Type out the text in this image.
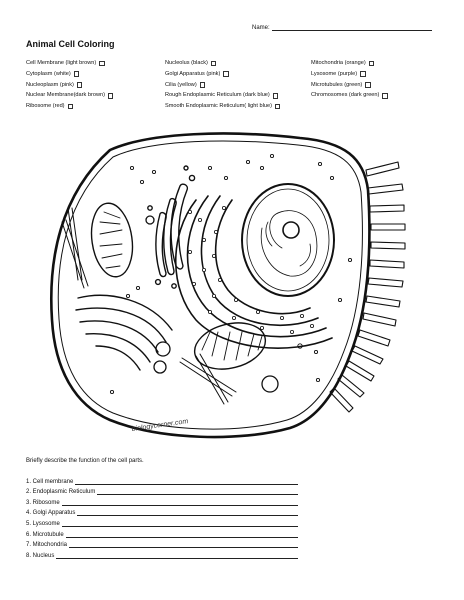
Name:
Animal Cell Coloring
Cell Membrane (light brown)
Cytoplasm (white)
Nucleoplasm (pink)
Nuclear Membrane(dark brown)
Ribosome (red)
Nucleolus (black)
Golgi Apparatus (pink)
Cilia (yellow)
Rough Endoplasmic Reticulum (dark blue)
Smooth Endoplasmic Reticulum( light blue)
Mitochondria (orange)
Lysosome (purple)
Microtubules (green)
Chromosomes (dark green)
biologycorner.com
Briefly describe the function of the cell parts.
1. Cell membrane
2. Endoplasmic Reticulum
3. Ribosome
4. Golgi Apparatus
5. Lysosome
6. Microtubule
7. Mitochondria
8. Nucleus
